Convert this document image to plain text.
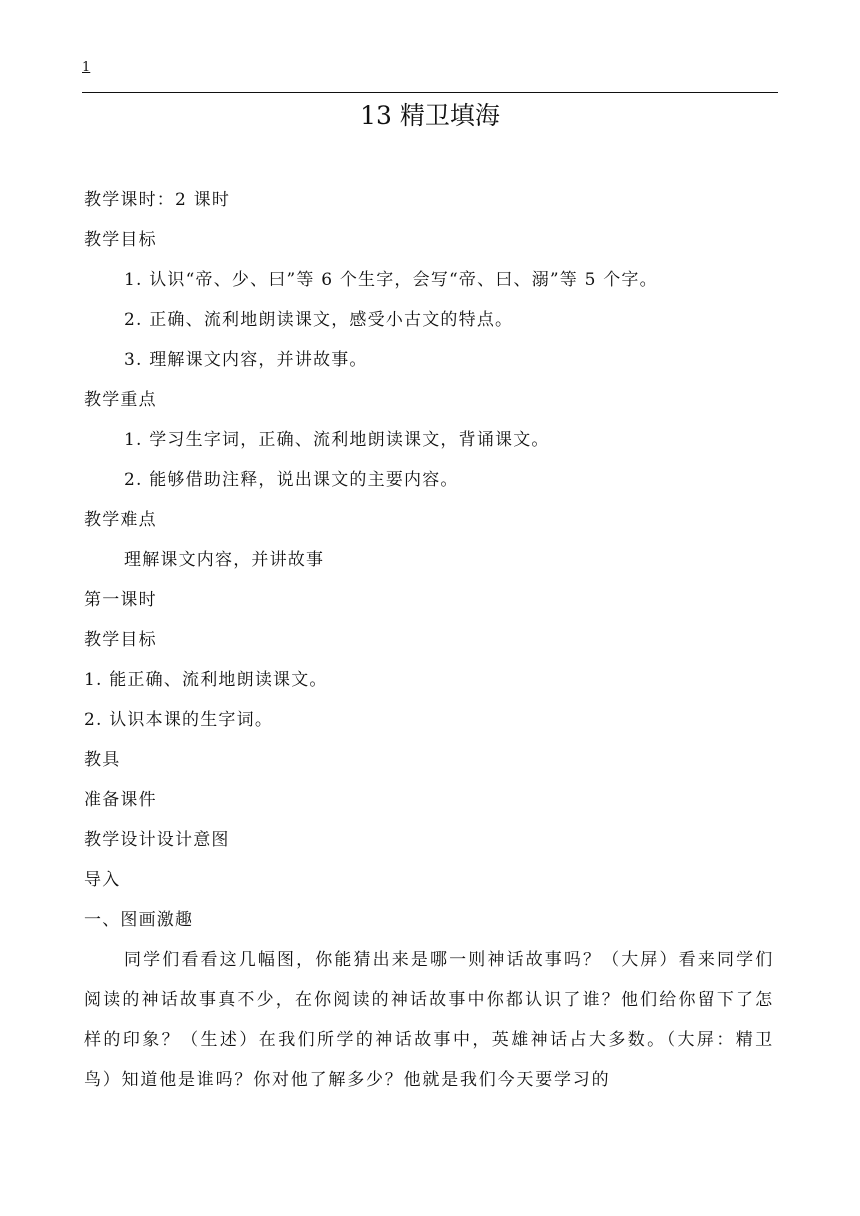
1
13 精卫填海

教学课时：2 课时

教学目标

1. 认识“帝、少、曰”等 6 个生字，会写“帝、曰、溺”等 5 个字。

2. 正确、流利地朗读课文，感受小古文的特点。

3. 理解课文内容，并讲故事。

教学重点

1. 学习生字词，正确、流利地朗读课文，背诵课文。

2. 能够借助注释，说出课文的主要内容。

教学难点

理解课文内容，并讲故事

第一课时

教学目标

1. 能正确、流利地朗读课文。

2. 认识本课的生字词。

教具

准备课件

教学设计设计意图

导入

一、图画激趣

同学们看看这几幅图，你能猜出来是哪一则神话故事吗？（大屏）看来同学们阅读的神话故事真不少，在你阅读的神话故事中你都认识了谁？他们给你留下了怎样的印象？（生述）在我们所学的神话故事中，英雄神话占大多数。（大屏：精卫鸟）知道他是谁吗？你对他了解多少？他就是我们今天要学习的
